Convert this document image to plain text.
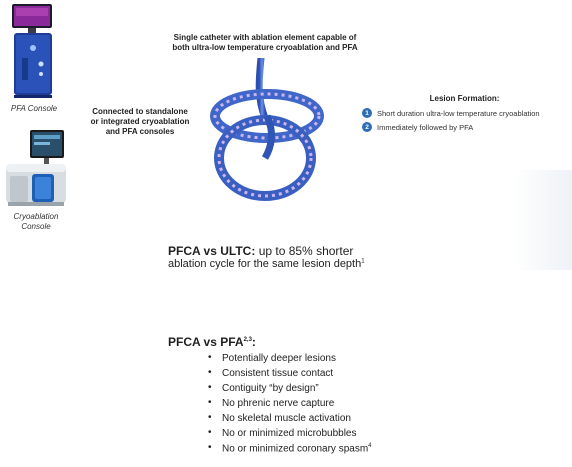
PFA Console
Cryoablation
Console
Connected to standalone
or integrated cryoablation
and PFA consoles
Single catheter with ablation element capable of
both ultra-low temperature cryoablation and PFA
Lesion Formation:
1	Short duration ultra-low temperature cryoablation
2	Immediately followed by PFA
PFCA vs ULTC: up to 85% shorter
ablation cycle for the same lesion depth$^1$
PFCA vs PFA$^{2,3}$:
• Potentially deeper lesions
• Consistent tissue contact
• Contiguity “by design”
• No phrenic nerve capture
• No skeletal muscle activation
• No or minimized microbubbles
• No or minimized coronary spasm$^4$
